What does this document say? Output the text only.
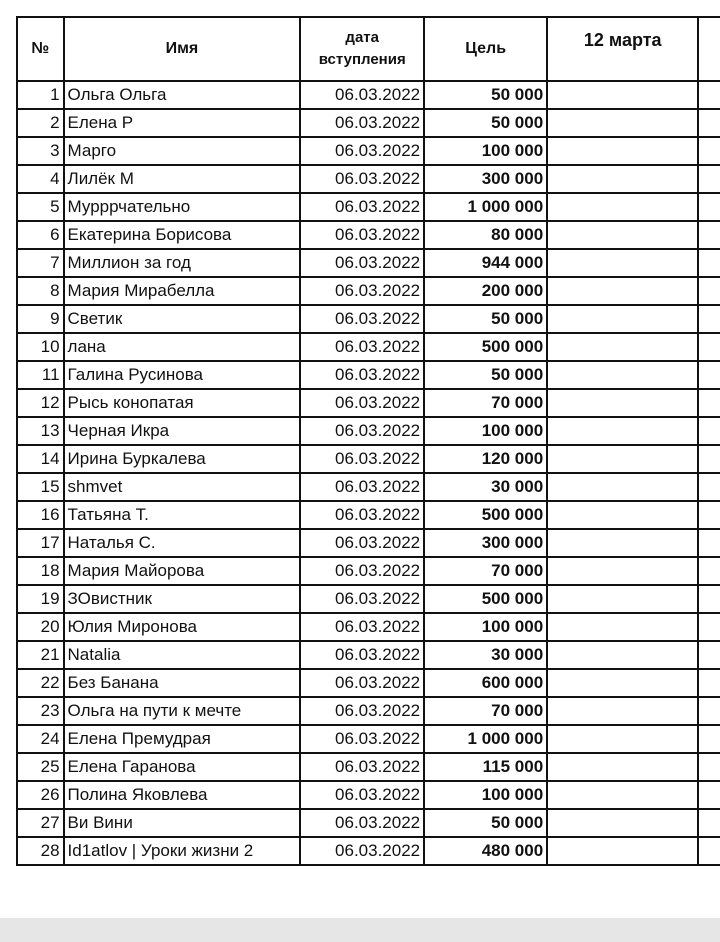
№	Имя	дата вступления	Цель	12 марта	
1	Ольга Ольга	06.03.2022	50 000		
2	Елена Р	06.03.2022	50 000		
3	Марго	06.03.2022	100 000		
4	Лилёк М	06.03.2022	300 000		
5	Мурррчательно	06.03.2022	1 000 000		
6	Екатерина Борисова	06.03.2022	80 000		
7	Миллион за год	06.03.2022	944 000		
8	Мария Мирабелла	06.03.2022	200 000		
9	Светик	06.03.2022	50 000		
10	лана	06.03.2022	500 000		
11	Галина Русинова	06.03.2022	50 000		
12	Рысь конопатая	06.03.2022	70 000		
13	Черная Икра	06.03.2022	100 000		
14	Ирина Буркалева	06.03.2022	120 000		
15	shmvet	06.03.2022	30 000		
16	Татьяна Т.	06.03.2022	500 000		
17	Наталья С.	06.03.2022	300 000		
18	Мария Майорова	06.03.2022	70 000		
19	ЗОвистник	06.03.2022	500 000		
20	Юлия Миронова	06.03.2022	100 000		
21	Natalia	06.03.2022	30 000		
22	Без Банана	06.03.2022	600 000		
23	Ольга на пути к мечте	06.03.2022	70 000		
24	Елена Премудрая	06.03.2022	1 000 000		
25	Елена Гаранова	06.03.2022	115 000		
26	Полина Яковлева	06.03.2022	100 000		
27	Ви Вини	06.03.2022	50 000		
28	Id1atlov | Уроки жизни 2	06.03.2022	480 000		
